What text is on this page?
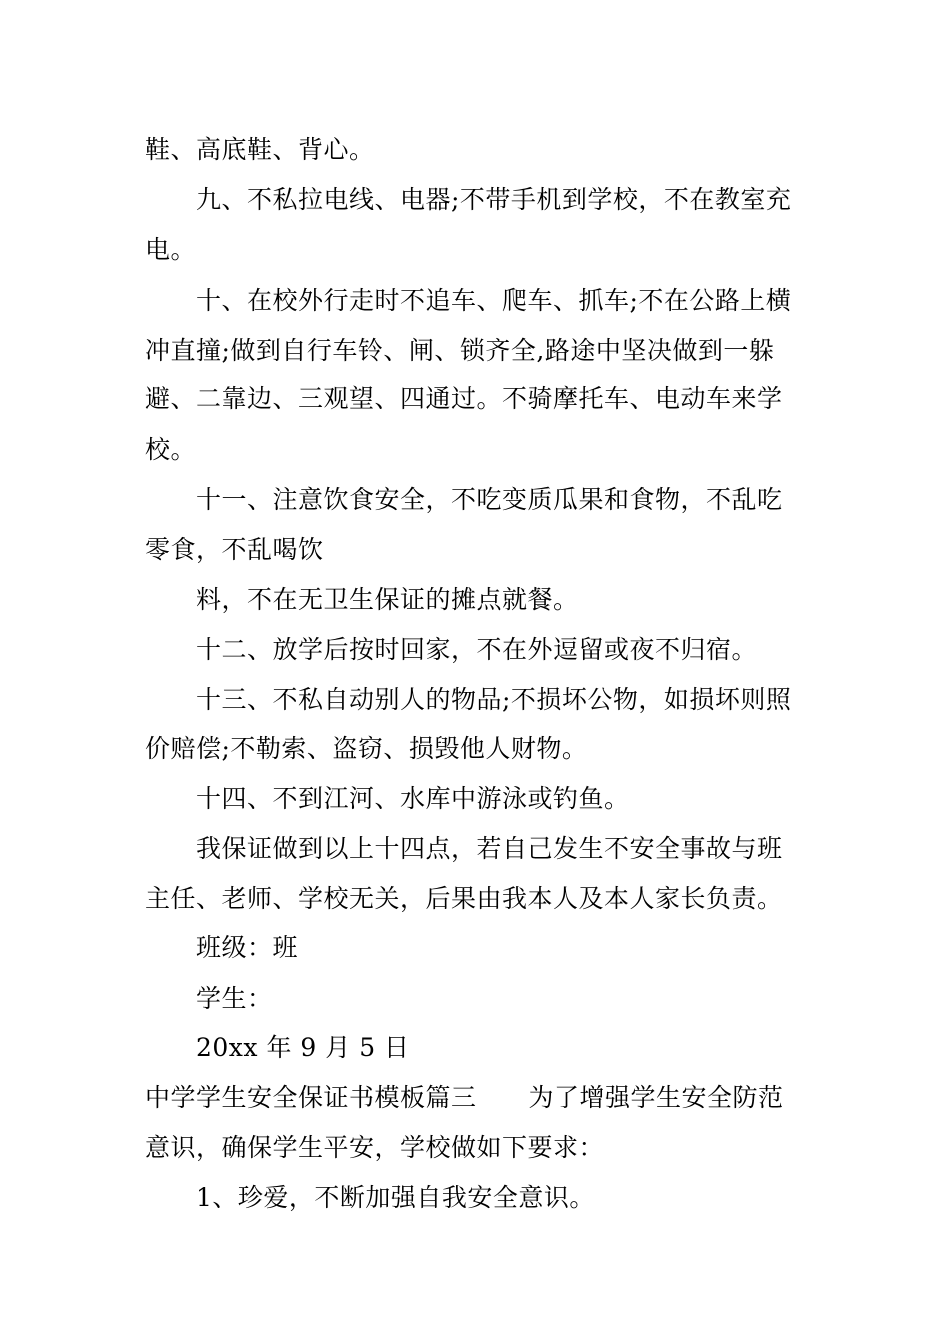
鞋、高底鞋、背心。
九、不私拉电线、电器;不带手机到学校，不在教室充
电。
十、在校外行走时不追车、爬车、抓车;不在公路上横
冲直撞;做到自行车铃、闸、锁齐全,路途中坚决做到一躲
避、二靠边、三观望、四通过。不骑摩托车、电动车来学
校。
十一、注意饮食安全，不吃变质瓜果和食物，不乱吃
零食，不乱喝饮
料，不在无卫生保证的摊点就餐。
十二、放学后按时回家，不在外逗留或夜不归宿。
十三、不私自动别人的物品;不损坏公物，如损坏则照
价赔偿;不勒索、盗窃、损毁他人财物。
十四、不到江河、水库中游泳或钓鱼。
我保证做到以上十四点，若自己发生不安全事故与班
主任、老师、学校无关，后果由我本人及本人家长负责。
班级：班
学生：
20xx 年 9 月 5 日
中学学生安全保证书模板篇三 为了增强学生安全防范
意识，确保学生平安，学校做如下要求：
1、珍爱，不断加强自我安全意识。
